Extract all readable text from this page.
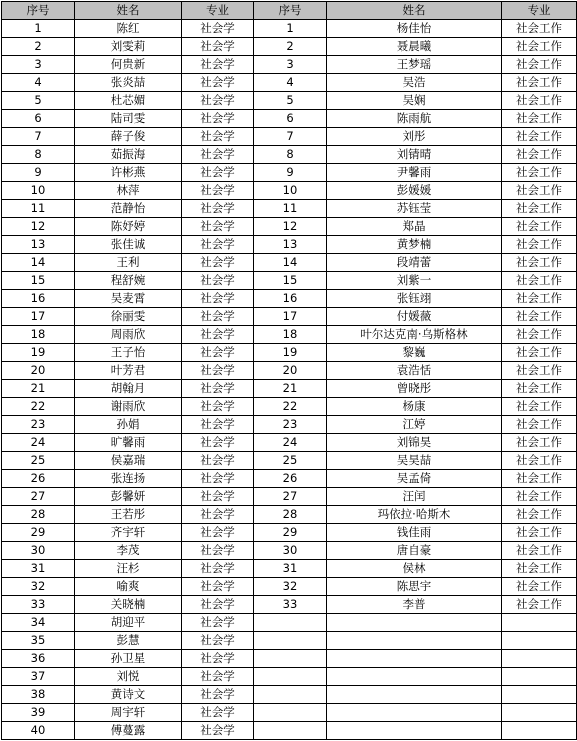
序号	姓名	专业	序号	姓名	专业
1	陈红	社会学	1	杨佳怡	社会工作
2	刘雯莉	社会学	2	聂晨曦	社会工作
3	何贵新	社会学	3	王梦瑶	社会工作
4	张炎喆	社会学	4	吴浩	社会工作
5	杜芯媚	社会学	5	吴娴	社会工作
6	陆司雯	社会学	6	陈雨航	社会工作
7	薛子俊	社会学	7	刘彤	社会工作
8	茹振海	社会学	8	刘锖晴	社会工作
9	许彬燕	社会学	9	尹馨雨	社会工作
10	林萍	社会学	10	彭媛媛	社会工作
11	范静怡	社会学	11	苏钰莹	社会工作
12	陈妤婷	社会学	12	郑晶	社会工作
13	张佳诚	社会学	13	黄梦楠	社会工作
14	王利	社会学	14	段靖蕾	社会工作
15	程舒婉	社会学	15	刘紫一	社会工作
16	吴麦霄	社会学	16	张钰翊	社会工作
17	徐丽雯	社会学	17	付媛薇	社会工作
18	周雨欣	社会学	18	叶尔达克南·乌斯格林	社会工作
19	王子怡	社会学	19	黎巍	社会工作
20	叶芳君	社会学	20	袁浩恬	社会工作
21	胡翰月	社会学	21	曾晓彤	社会工作
22	谢雨欣	社会学	22	杨康	社会工作
23	孙娟	社会学	23	江婷	社会工作
24	旷馨雨	社会学	24	刘锦昊	社会工作
25	侯嘉瑞	社会学	25	吴昊喆	社会工作
26	张连扬	社会学	26	吴孟倚	社会工作
27	彭馨妍	社会学	27	汪闰	社会工作
28	王若彤	社会学	28	玛依拉·哈斯木	社会工作
29	齐宇轩	社会学	29	钱佳雨	社会工作
30	李茂	社会学	30	唐自豪	社会工作
31	汪杉	社会学	31	侯林	社会工作
32	喻爽	社会学	32	陈思宇	社会工作
33	关晓楠	社会学	33	李普	社会工作
34	胡迎平	社会学			
35	彭慧	社会学			
36	孙卫星	社会学			
37	刘悦	社会学			
38	黄诗文	社会学			
39	周宇轩	社会学			
40	傅蔓露	社会学			
